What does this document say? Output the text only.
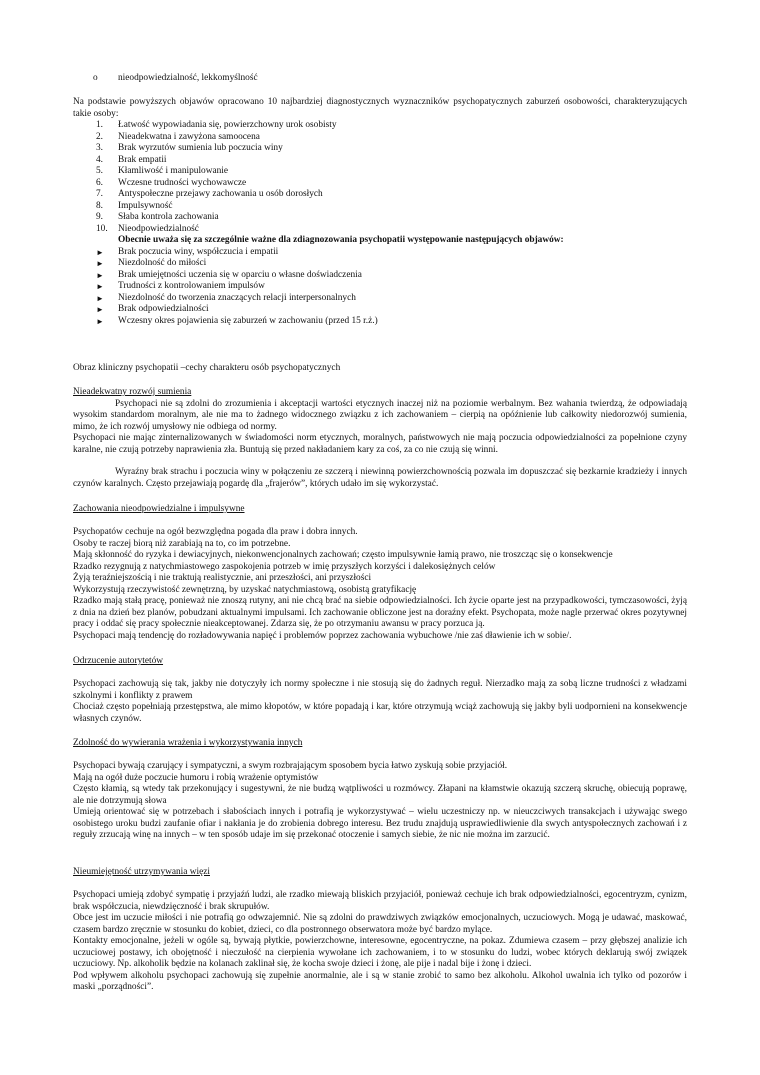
o nieodpowiedzialność, lekkomyślność

Na podstawie powyższych objawów opracowano 10 najbardziej diagnostycznych wyznaczników psychopatycznych zaburzeń osobowości, charakteryzujących takie osoby:

1. Łatwość wypowiadania się, powierzchowny urok osobisty
2. Nieadekwatna i zawyżona samoocena
3. Brak wyrzutów sumienia lub poczucia winy
4. Brak empatii
5. Kłamliwość i manipulowanie
6. Wczesne trudności wychowawcze
7. Antyspołeczne przejawy zachowania u osób dorosłych
8. Impulsywność
9. Słaba kontrola zachowania
10. Nieodpowiedzialność

Obecnie uważa się za szczególnie ważne dla zdiagnozowania psychopatii występowanie następujących objawów:

► Brak poczucia winy, współczucia i empatii
► Niezdolność do miłości
► Brak umiejętności uczenia się w oparciu o własne doświadczenia
► Trudności z kontrolowaniem impulsów
► Niezdolność do tworzenia znaczących relacji interpersonalnych
► Brak odpowiedzialności
► Wczesny okres pojawienia się zaburzeń w zachowaniu (przed 15 r.ż.)

Obraz kliniczny psychopatii –cechy charakteru osób psychopatycznych

Nieadekwatny rozwój sumienia

Psychopaci nie są zdolni do zrozumienia i akceptacji wartości etycznych inaczej niż na poziomie werbalnym. Bez wahania twierdzą, że odpowiadają wysokim standardom moralnym, ale nie ma to żadnego widocznego związku z ich zachowaniem – cierpią na opóźnienie lub całkowity niedorozwój sumienia, mimo, że ich rozwój umysłowy nie odbiega od normy.

Psychopaci nie mając zinternalizowanych w świadomości norm etycznych, moralnych, państwowych nie mają poczucia odpowiedzialności za popełnione czyny karalne, nie czują potrzeby naprawienia zła. Buntują się przed nakładaniem kary za coś, za co nie czują się winni.

Wyraźny brak strachu i poczucia winy w połączeniu ze szczerą i niewinną powierzchownością pozwala im dopuszczać się bezkarnie kradzieży i innych czynów karalnych. Często przejawiają pogardę dla „frajerów”, których udało im się wykorzystać.

Zachowania nieodpowiedzialne i impulsywne

Psychopatów cechuje na ogół bezwzględna pogada dla praw i dobra innych.

Osoby te raczej biorą niż zarabiają na to, co im potrzebne.

Mają skłonność do ryzyka i dewiacyjnych, niekonwencjonalnych zachowań; często impulsywnie łamią prawo, nie troszcząc się o konsekwencje

Rzadko rezygnują z natychmiastowego zaspokojenia potrzeb w imię przyszłych korzyści i dalekosiężnych celów

Żyją teraźniejszością i nie traktują realistycznie, ani przeszłości, ani przyszłości

Wykorzystują rzeczywistość zewnętrzną, by uzyskać natychmiastową, osobistą gratyfikację

Rzadko mają stałą pracę, ponieważ nie znoszą rutyny, ani nie chcą brać na siebie odpowiedzialności. Ich życie oparte jest na przypadkowości, tymczasowości, żyją z dnia na dzień bez planów, pobudzani aktualnymi impulsami. Ich zachowanie obliczone jest na doraźny efekt. Psychopata, może nagle przerwać okres pozytywnej pracy i oddać się pracy społecznie nieakceptowanej. Zdarza się, że po otrzymaniu awansu w pracy porzuca ją.

Psychopaci mają tendencję do rozładowywania napięć i problemów poprzez zachowania wybuchowe /nie zaś dławienie ich w sobie/.

Odrzucenie autorytetów

Psychopaci zachowują się tak, jakby nie dotyczyły ich normy społeczne i nie stosują się do żadnych reguł. Nierzadko mają za sobą liczne trudności z władzami szkolnymi i konflikty z prawem

Chociaż często popełniają przestępstwa, ale mimo kłopotów, w które popadają i kar, które otrzymują wciąż zachowują się jakby byli uodpornieni na konsekwencje własnych czynów.

Zdolność do wywierania wrażenia i wykorzystywania innych

Psychopaci bywają czarujący i sympatyczni, a swym rozbrajającym sposobem bycia łatwo zyskują sobie przyjaciół.

Mają na ogół duże poczucie humoru i robią wrażenie optymistów

Często kłamią, są wtedy tak przekonujący i sugestywni, że nie budzą wątpliwości u rozmówcy. Złapani na kłamstwie okazują szczerą skruchę, obiecują poprawę, ale nie dotrzymują słowa

Umieją orientować się w potrzebach i słabościach innych i potrafią je wykorzystywać – wielu uczestniczy np. w nieuczciwych transakcjach i używając swego osobistego uroku budzi zaufanie ofiar i nakłania je do zrobienia dobrego interesu. Bez trudu znajdują usprawiedliwienie dla swych antyspołecznych zachowań i z reguły zrzucają winę na innych – w ten sposób udaje im się przekonać otoczenie i samych siebie, że nic nie można im zarzucić.

Nieumiejętność utrzymywania więzi

Psychopaci umieją zdobyć sympatię i przyjaźń ludzi, ale rzadko miewają bliskich przyjaciół, ponieważ cechuje ich brak odpowiedzialności, egocentryzm, cynizm, brak współczucia, niewdzięczność i brak skrupułów.

Obce jest im uczucie miłości i nie potrafią go odwzajemnić. Nie są zdolni do prawdziwych związków emocjonalnych, uczuciowych. Mogą je udawać, maskować, czasem bardzo zręcznie w stosunku do kobiet, dzieci, co dla postronnego obserwatora może być bardzo mylące.

Kontakty emocjonalne, jeżeli w ogóle są, bywają płytkie, powierzchowne, interesowne, egocentryczne, na pokaz. Zdumiewa czasem – przy głębszej analizie ich uczuciowej postawy, ich obojętność i nieczułość na cierpienia wywołane ich zachowaniem, i to w stosunku do ludzi, wobec których deklarują swój związek uczuciowy. Np. alkoholik będzie na kolanach zaklinał się, że kocha swoje dzieci i żonę, ale pije i nadal bije i żonę i dzieci.

Pod wpływem alkoholu psychopaci zachowują się zupełnie anormalnie, ale i są w stanie zrobić to samo bez alkoholu. Alkohol uwalnia ich tylko od pozorów i maski „porządności”.
